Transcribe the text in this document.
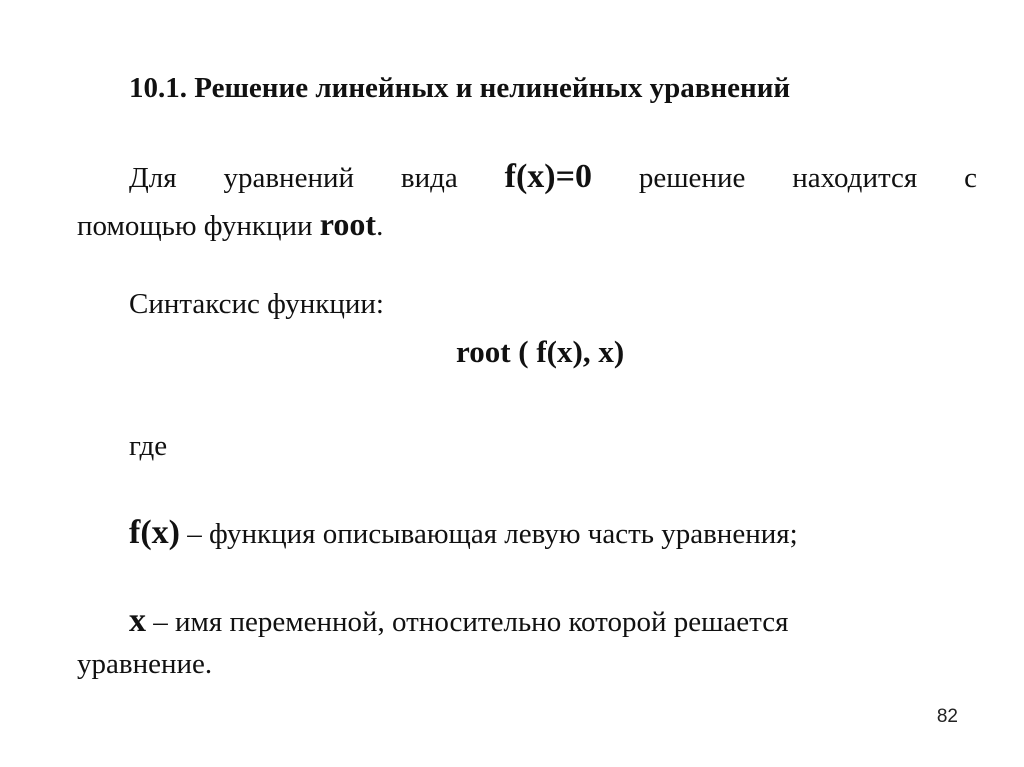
10.1. Решение линейных и нелинейных уравнений
Для уравнений вида f(x)=0 решение находится с
помощью функции root.
Синтаксис функции:
root ( f(x), x)
где
f(x) – функция описывающая левую часть уравнения;
x – имя переменной, относительно которой решается
уравнение.
82
